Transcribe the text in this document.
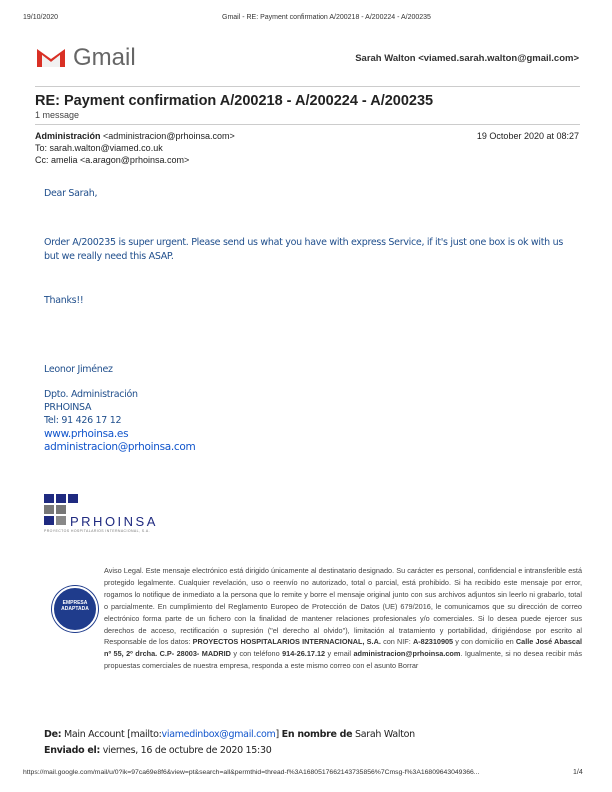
19/10/2020	Gmail - RE: Payment confirmation A/200218 - A/200224 - A/200235
Gmail	Sarah Walton <viamed.sarah.walton@gmail.com>
RE: Payment confirmation A/200218 - A/200224 - A/200235
1 message
Administración <administracion@prhoinsa.com>	19 October 2020 at 08:27
To: sarah.walton@viamed.co.uk
Cc: amelia <a.aragon@prhoinsa.com>
Dear Sarah,
Order A/200235 is super urgent. Please send us what you have with express Service, if it's just one box is ok with us but we really need this ASAP.
Thanks!!
Leonor Jiménez
Dpto. Administración
PRHOINSA
Tel: 91 426 17 12
www.prhoinsa.es
administracion@prhoinsa.com
PRHOINSA
PROYECTOS HOSPITALARIOS INTERNACIONAL, S.A.
EMPRESA ADAPTADA
Aviso Legal. Este mensaje electrónico está dirigido únicamente al destinatario designado. Su carácter es personal, confidencial e intransferible está protegido legalmente. Cualquier revelación, uso o reenvío no autorizado, total o parcial, está prohibido. Si ha recibido este mensaje por error, rogamos lo notifique de inmediato a la persona que lo remite y borre el mensaje original junto con sus archivos adjuntos sin leerlo ni grabarlo, total o parcialmente. En cumplimiento del Reglamento Europeo de Protección de Datos (UE) 679/2016, le comunicamos que su dirección de correo electrónico forma parte de un fichero con la finalidad de mantener relaciones profesionales y/o comerciales. Si lo desea puede ejercer sus derechos de acceso, rectificación o supresión ("el derecho al olvido"), limitación al tratamiento y portabilidad, dirigiéndose por escrito al Responsable de los datos: PROYECTOS HOSPITALARIOS INTERNACIONAL, S.A. con NIF: A-82310905 y con domicilio en Calle José Abascal nº 55, 2º drcha. C.P- 28003- MADRID y con teléfono 914-26.17.12 y email administracion@prhoinsa.com. Igualmente, si no desea recibir más propuestas comerciales de nuestra empresa, responda a este mismo correo con el asunto Borrar
De: Main Account [mailto:viamedinbox@gmail.com] En nombre de Sarah Walton
Enviado el: viernes, 16 de octubre de 2020 15:30
https://mail.google.com/mail/u/0?ik=97ca69e8f6&view=pt&search=all&permthid=thread-f%3A1680517662143735856%7Cmsg-f%3A16809643049366...	1/4
